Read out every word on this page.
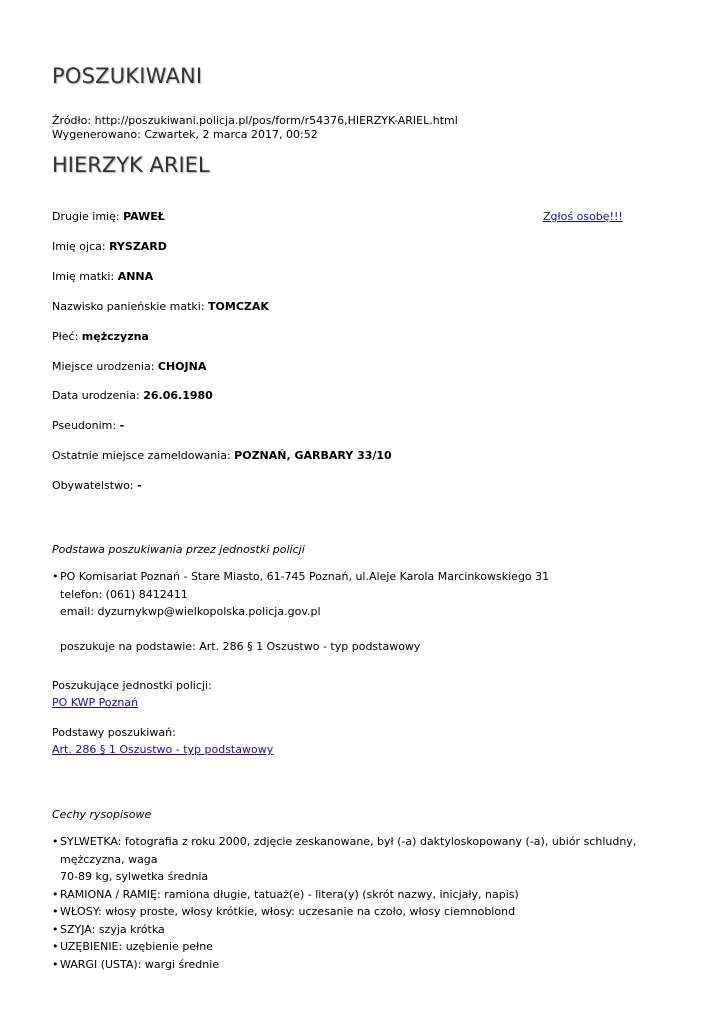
POSZUKIWANI
Źródło: http://poszukiwani.policja.pl/pos/form/r54376,HIERZYK-ARIEL.html
Wygenerowano: Czwartek, 2 marca 2017, 00:52
HIERZYK ARIEL
Zgłoś osobę!!!
Drugie imię: PAWEŁ
Imię ojca: RYSZARD
Imię matki: ANNA
Nazwisko panieńskie matki: TOMCZAK
Płeć: mężczyzna
Miejsce urodzenia: CHOJNA
Data urodzenia: 26.06.1980
Pseudonim: -
Ostatnie miejsce zameldowania: POZNAŃ, GARBARY 33/10
Obywatelstwo: -
Podstawa poszukiwania przez jednostki policji
• PO Komisariat Poznań - Stare Miasto, 61-745 Poznań, ul.Aleje Karola Marcinkowskiego 31
telefon: (061) 8412411
email: dyzurnykwp@wielkopolska.policja.gov.pl
poszukuje na podstawie: Art. 286 § 1 Oszustwo - typ podstawowy
Poszukujące jednostki policji:
PO KWP Poznań
Podstawy poszukiwań:
Art. 286 § 1 Oszustwo - typ podstawowy
Cechy rysopisowe
• SYLWETKA: fotografia z roku 2000, zdjęcie zeskanowane, był (-a) daktyloskopowany (-a), ubiór schludny, mężczyzna, waga
70-89 kg, sylwetka średnia
• RAMIONA / RAMIĘ: ramiona długie, tatuaż(e) - litera(y) (skrót nazwy, inicjały, napis)
• WŁOSY: włosy proste, włosy krótkie, włosy: uczesanie na czoło, włosy ciemnoblond
• SZYJA: szyja krótka
• UZĘBIENIE: uzębienie pełne
• WARGI (USTA): wargi średnie
